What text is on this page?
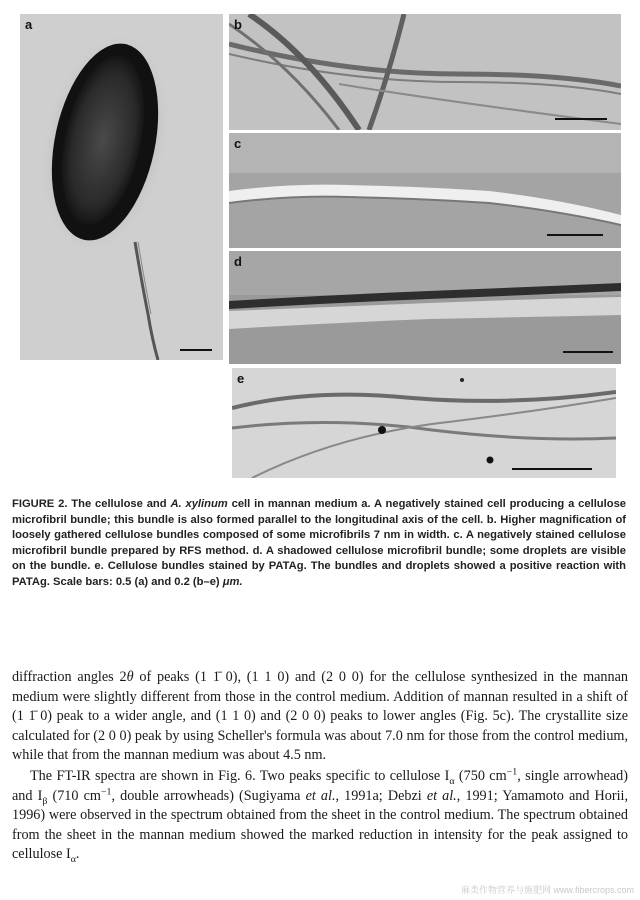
a	b
c
d
e
FIGURE 2. The cellulose and A. xylinum cell in mannan medium a. A negatively stained cell producing a cellulose microfibril bundle; this bundle is also formed parallel to the longitudinal axis of the cell. b. Higher magnification of loosely gathered cellulose bundles composed of some microfibrils 7 nm in width. c. A negatively stained cellulose microfibril bundle prepared by RFS method. d. A shadowed cellulose microfibril bundle; some droplets are visible on the bundle. e. Cellulose bundles stained by PATAg. The bundles and droplets showed a positive reaction with PATAg. Scale bars: 0.5 (a) and 0.2 (b–e) μm.
diffraction angles 2θ of peaks (1 1̄ 0), (1 1 0) and (2 0 0) for the cellulose synthesized in the mannan medium were slightly different from those in the control medium. Addition of mannan resulted in a shift of (1 1̄ 0) peak to a wider angle, and (1 1 0) and (2 0 0) peaks to lower angles (Fig. 5c). The crystallite size calculated for (2 0 0) peak by using Scheller's formula was about 7.0 nm for those from the control medium, while that from the mannan medium was about 4.5 nm.
The FT-IR spectra are shown in Fig. 6. Two peaks specific to cellulose $I_\alpha$ (750 $cm^{-1}$, single arrowhead) and $I_\beta$ (710 $cm^{-1}$, double arrowheads) (Sugiyama et al., 1991a; Debzi et al., 1991; Yamamoto and Horii, 1996) were observed in the spectrum obtained from the sheet in the control medium. The spectrum obtained from the sheet in the mannan medium showed the marked reduction in intensity for the peak assigned to cellulose $I_\alpha$.
麻类作物营养与施肥网 www.fibercrops.com
